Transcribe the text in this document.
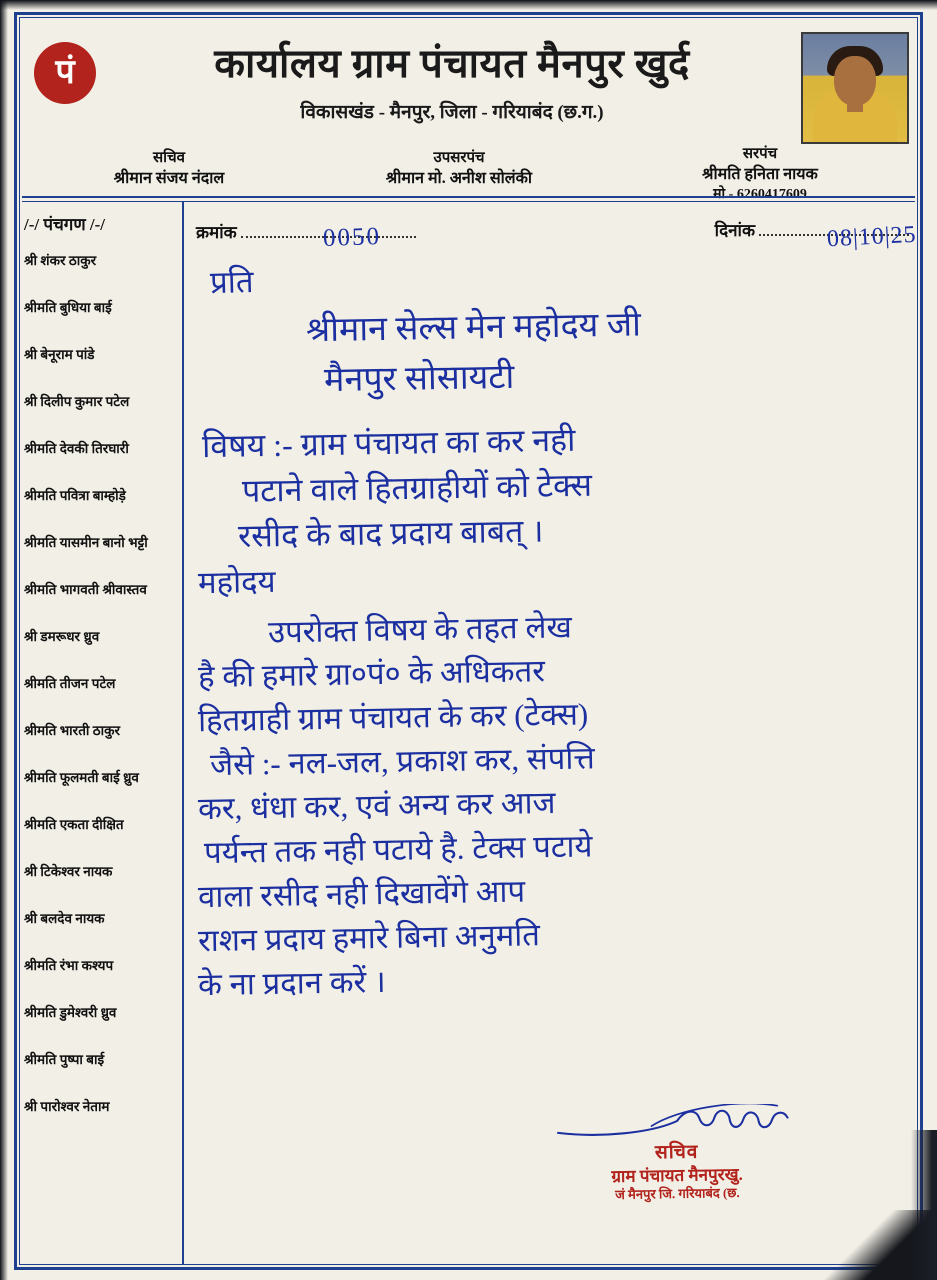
पं	कार्यालय ग्राम पंचायत मैनपुर खुर्द
विकासखंड - मैनपुर, जिला - गरियाबंद (छ.ग.)
सचिव
श्रीमान संजय नंदाल
उपसरपंच
श्रीमान मो. अनीश सोलंकी
सरपंच
श्रीमति हनिता नायक
मो.- 6260417609
/-/ पंचगण /-/
श्री शंकर ठाकुर
श्रीमति बुधिया बाई
श्री बेनूराम पांडे
श्री दिलीप कुमार पटेल
श्रीमति देवकी तिरघारी
श्रीमति पवित्रा बाम्होड़े
श्रीमति यासमीन बानो भट्टी
श्रीमति भागवती श्रीवास्तव
श्री डमरूधर ध्रुव
श्रीमति तीजन पटेल
श्रीमति भारती ठाकुर
श्रीमति फूलमती बाई ध्रुव
श्रीमति एकता दीक्षित
श्री टिकेश्वर नायक
श्री बलदेव नायक
श्रीमति रंभा कश्यप
श्रीमति डुमेश्वरी ध्रुव
श्रीमति पुष्पा बाई
श्री पारोश्वर नेताम
क्रमांक	0050	दिनांक	08|10|25
प्रति
श्रीमान सेल्स मेन महोदय जी
मैनपुर सोसायटी
विषय :- ग्राम पंचायत का कर नही
पटाने वाले हितग्राहीयों को टेक्स
रसीद के बाद प्रदाय बाबत् ।
महोदय
उपरोक्त विषय के तहत लेख
है की हमारे ग्रा०पं० के अधिकतर
हितग्राही ग्राम पंचायत के कर (टेक्स)
जैसे :- नल-जल, प्रकाश कर, संपत्ति
कर, धंधा कर, एवं अन्य कर आज
पर्यन्त तक नही पटाये है. टेक्स पटाये
वाला रसीद नही दिखावेंगे आप
राशन प्रदाय हमारे बिना अनुमति
के ना प्रदान करें ।
सचिव
ग्राम पंचायत मैनपुरखु.
जं मैनपुर जि. गरियाबंद (छ.
